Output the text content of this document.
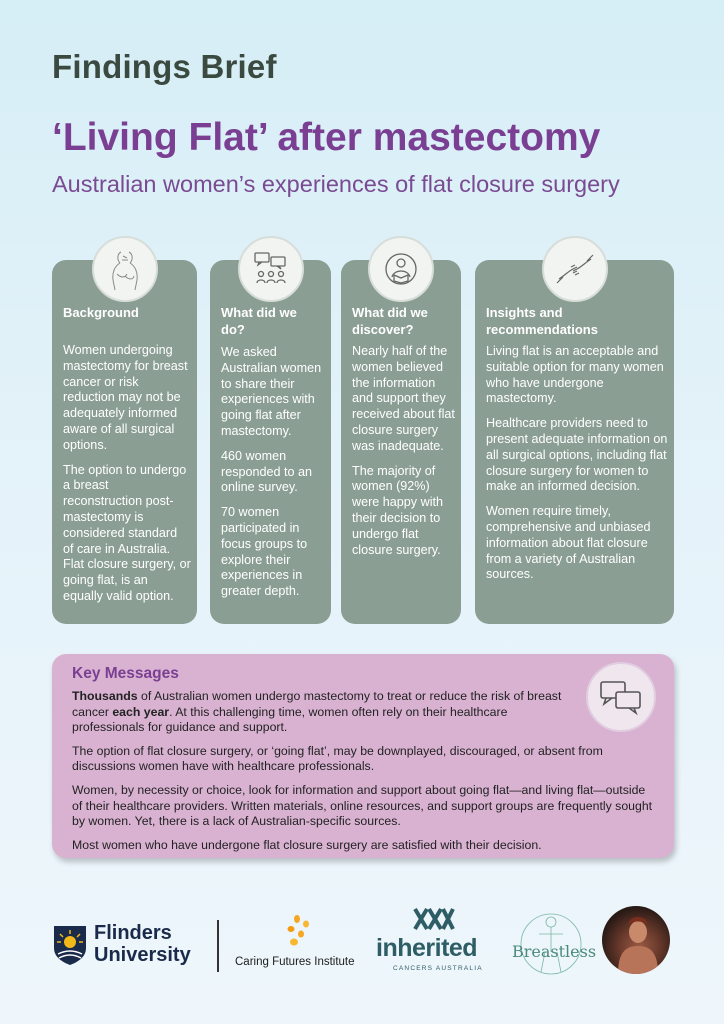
Findings Brief
‘Living Flat’ after mastectomy
Australian women’s experiences of flat closure surgery
Background

Women undergoing mastectomy for breast cancer or risk reduction may not be adequately informed aware of all surgical options.

The option to undergo a breast reconstruction post-mastectomy is considered standard of care in Australia. Flat closure surgery, or going flat, is an equally valid option.

What did we do?

We asked Australian women to share their experiences with going flat after mastectomy.

460 women responded to an online survey.

70 women participated in focus groups to explore their experiences in greater depth.

What did we discover?

Nearly half of the women believed the information and support they received about flat closure surgery was inadequate.

The majority of women (92%) were happy with their decision to undergo flat closure surgery.

Insights and recommendations

Living flat is an acceptable and suitable option for many women who have undergone mastectomy.

Healthcare providers need to present adequate information on all surgical options, including flat closure surgery for women to make an informed decision.

Women require timely, comprehensive and unbiased information about flat closure from a variety of Australian sources.

Key Messages

Thousands of Australian women undergo mastectomy to treat or reduce the risk of breast cancer each year. At this challenging time, women often rely on their healthcare professionals for guidance and support.

The option of flat closure surgery, or ‘going flat’, may be downplayed, discouraged, or absent from discussions women have with healthcare professionals.

Women, by necessity or choice, look for information and support about going flat—and living flat—outside of their healthcare providers. Written materials, online resources, and support groups are frequently sought by women. Yet, there is a lack of Australian-specific sources.

Most women who have undergone flat closure surgery are satisfied with their decision.

Flinders
University	Caring Futures Institute inherited
CANCERS AUSTRALIA
Breastless
